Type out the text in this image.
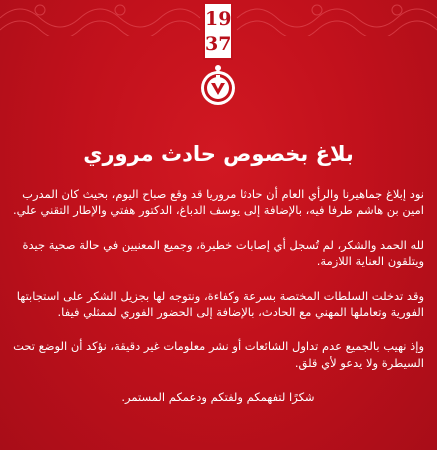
19
37
بلاغ بخصوص حادث مروري

نود إبلاغ جماهيرنا والرأي العام أن حادثا مروريا قد وقع صباح اليوم، بحيث كان المدرب امين بن هاشم طرفا فيه، بالإضافة إلى يوسف الدباغ، الدكتور هفتي والإطار التقني علي.

لله الحمد والشكر، لم تُسجل أي إصابات خطيرة، وجميع المعنيين في حالة صحية جيدة ويتلقون العناية اللازمة.

وقد تدخلت السلطات المختصة بسرعة وكفاءة، ونتوجه لها بجزيل الشكر على استجابتها الفورية وتعاملها المهني مع الحادث، بالإضافة إلى الحضور الفوري لممثلي فيفا.

وإذ نهيب بالجميع عدم تداول الشائعات أو نشر معلومات غير دقيقة، نؤكد أن الوضع تحت السيطرة ولا يدعو لأي قلق.

شكرًا لتفهمكم ولفتكم ودعمكم المستمر.
